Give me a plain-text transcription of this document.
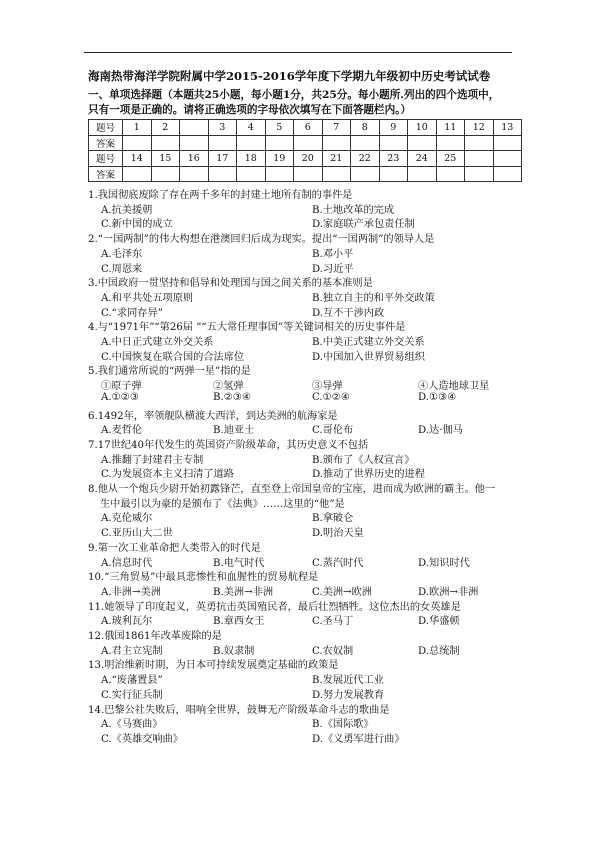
海南热带海洋学院附属中学2015-2016学年度下学期九年级初中历史考试试卷
一、单项选择题（本题共25小题，每小题1分，共25分。每小题所.列出的四个选项中，
只有一项是正确的。请将正确选项的字母依次填写在下面答题栏内。）
题号	1	2		3	4	5	6	7	8	9	10	11	12	13
答案														
题号	14	15	16	17	18	19	20	21	22	23	24	25		
答案														
1.我国彻底废除了存在两千多年的封建土地所有制的事件是
A.抗美援朝	B.土地改革的完成
C.新中国的成立	D.家庭联产承包责任制
2.“一国两制”的伟大构想在港澳回归后成为现实。提出“一国两制”的领导人是
A.毛泽东	B.邓小平
C.周恩来	D.习近平
3.中国政府一贯坚持和倡导和处理国与国之间关系的基本准则是
A.和平共处五项原则	B.独立自主的和平外交政策
C.“求同存异”	D.互不干涉内政
4.与“1971年”“第26届 ”“五大常任理事国”等关键词相关的历史事件是
A.中日正式建立外交关系	B.中美正式建立外交关系
C.中国恢复在联合国的合法席位	D.中国加入世界贸易组织
5.我们通常所说的“两弹一星”指的是
①原子弹	②氢弹	③导弹	④人造地球卫星
A.①②③	B.②③④	C.①②④	D.①③④
6.1492年，率领舰队横渡大西洋，到达美洲的航海家是
A.麦哲伦	B.迪亚士	C.哥伦布	D.达·伽马
7.17世纪40年代发生的英国资产阶级革命，其历史意义不包括
A.推翻了封建君主专制	B.颁布了《人权宣言》
C.为发展资本主义扫清了道路	D.推动了世界历史的进程
8.他从一个炮兵少尉开始初露锋芒，直至登上帝国皇帝的宝座，进而成为欧洲的霸主。他一
生中最引以为豪的是颁布了《法典》……这里的“他”是
A.克伦威尔	B.拿破仑
C.亚历山大二世	D.明治天皇
9.第一次工业革命把人类带入的时代是
A.信息时代	B.电气时代	C.蒸汽时代	D.知识时代
10.“三角贸易”中最具悲惨性和血腥性的贸易航程是
A.非洲→美洲	B.美洲→非洲	C.美洲→欧洲	D.欧洲→非洲
11.她领导了印度起义，英勇抗击英国殖民者，最后壮烈牺牲。这位杰出的女英雄是
A.玻利瓦尔	B.章西女王	C.圣马丁	D.华盛顿
12.俄国1861年改革废除的是
A.君主立宪制	B.奴隶制	C.农奴制	D.总统制
13.明治维新时期，为日本可持续发展奠定基础的政策是
A.“废藩置县”	B.发展近代工业
C.实行征兵制	D.努力发展教育
14.巴黎公社失败后，唱响全世界，鼓舞无产阶级革命斗志的歌曲是
A.《马赛曲》	B.《国际歌》
C.《英雄交响曲》	D.《义勇军进行曲》
